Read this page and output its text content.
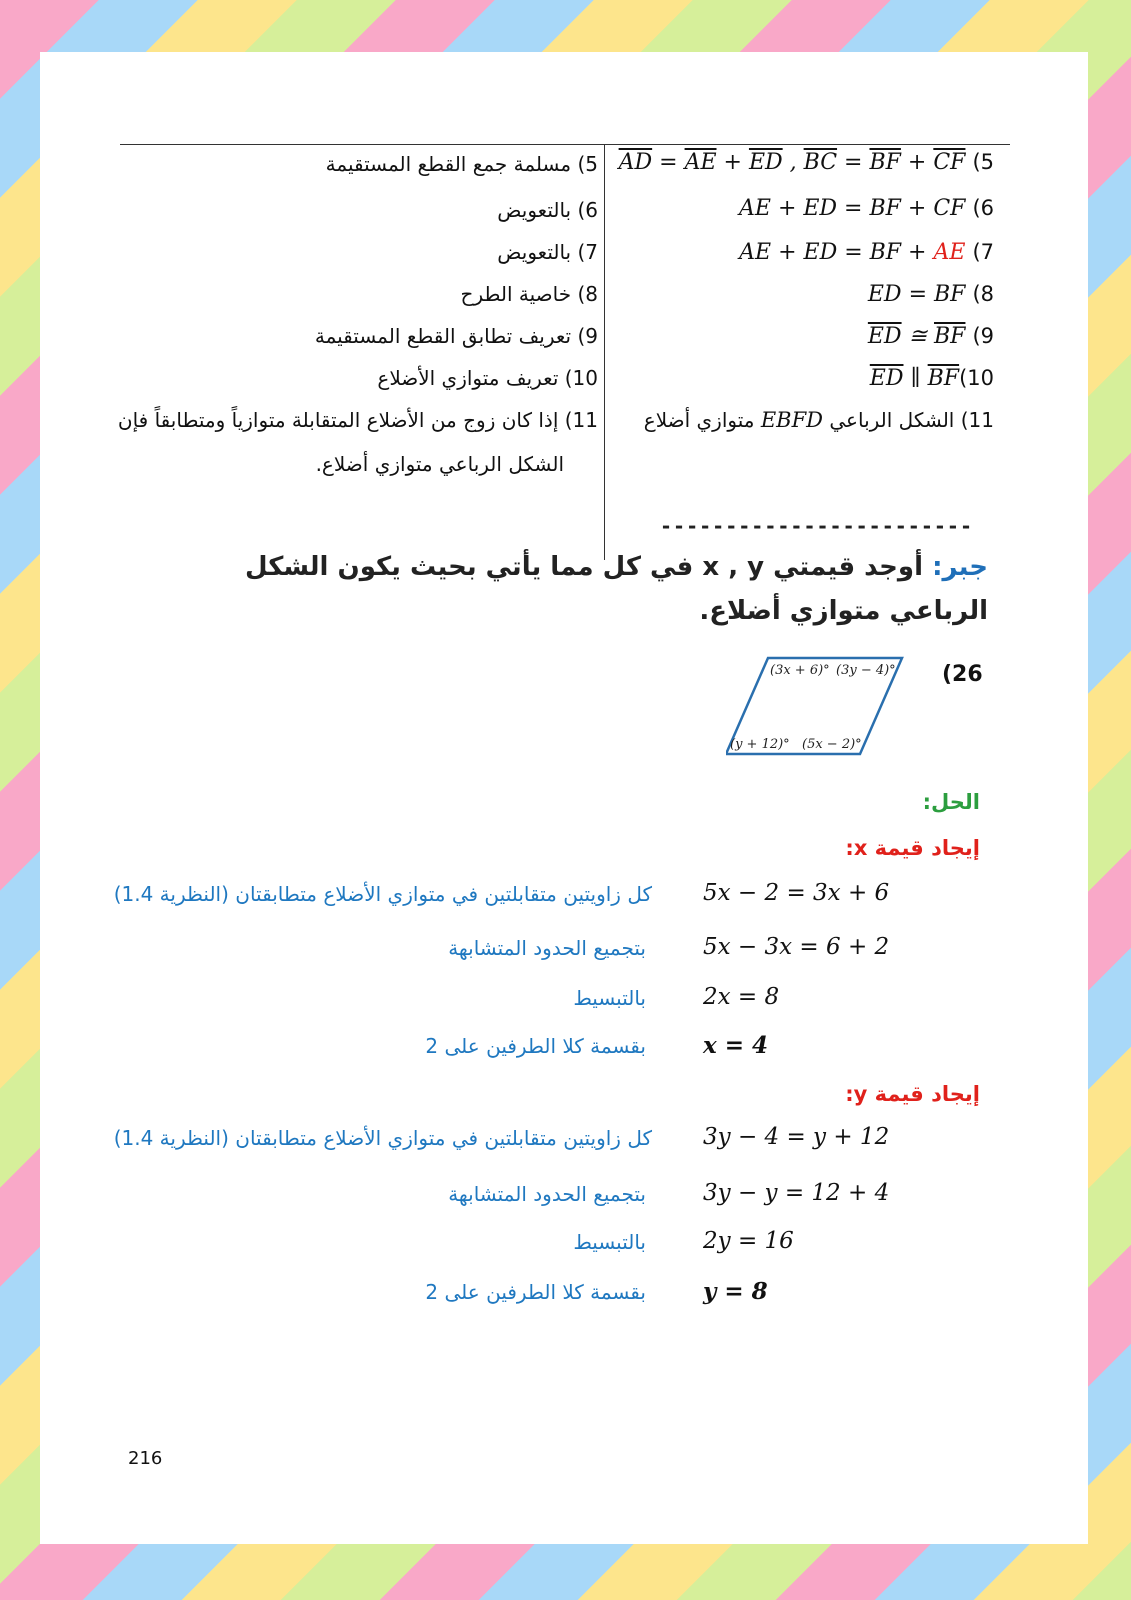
$\overline{AD} = \overline{AE} + \overline{ED}$ , $\overline{BC} = \overline{BF} + \overline{CF}$ (5
AE + ED = BF + CF (6
AE + ED = BF + AE (7
ED = BF (8
$\overline{ED}$ ≅ $\overline{BF}$ (9
$\overline{ED}$ ∥ $\overline{BF}(10$
11) الشكل الرباعي EBFD متوازي أضلاع
5) مسلمة جمع القطع المستقيمة
6) بالتعويض
7) بالتعويض
8) خاصية الطرح
9) تعريف تطابق القطع المستقيمة
10) تعريف متوازي الأضلاع
11) إذا كان زوج من الأضلاع المتقابلة متوازياً ومتطابقاً فإن
الشكل الرباعي متوازي أضلاع.
------------------------
جبر: أوجد قيمتي x , y في كل مما يأتي بحيث يكون الشكل
الرباعي متوازي أضلاع.
(26
(3x + 6)° (3y − 4)°
(y + 12)° (5x − 2)°
الحل:
إيجاد قيمة x:
5x − 2 = 3x + 6
كل زاويتين متقابلتين في متوازي الأضلاع متطابقتان (النظرية 1.4)
5x − 3x = 6 + 2
بتجميع الحدود المتشابهة
2x = 8
بالتبسيط
x = 4
بقسمة كلا الطرفين على 2
إيجاد قيمة y:
3y − 4 = y + 12
كل زاويتين متقابلتين في متوازي الأضلاع متطابقتان (النظرية 1.4)
3y − y = 12 + 4
بتجميع الحدود المتشابهة
2y = 16
بالتبسيط
y = 8
بقسمة كلا الطرفين على 2
216
